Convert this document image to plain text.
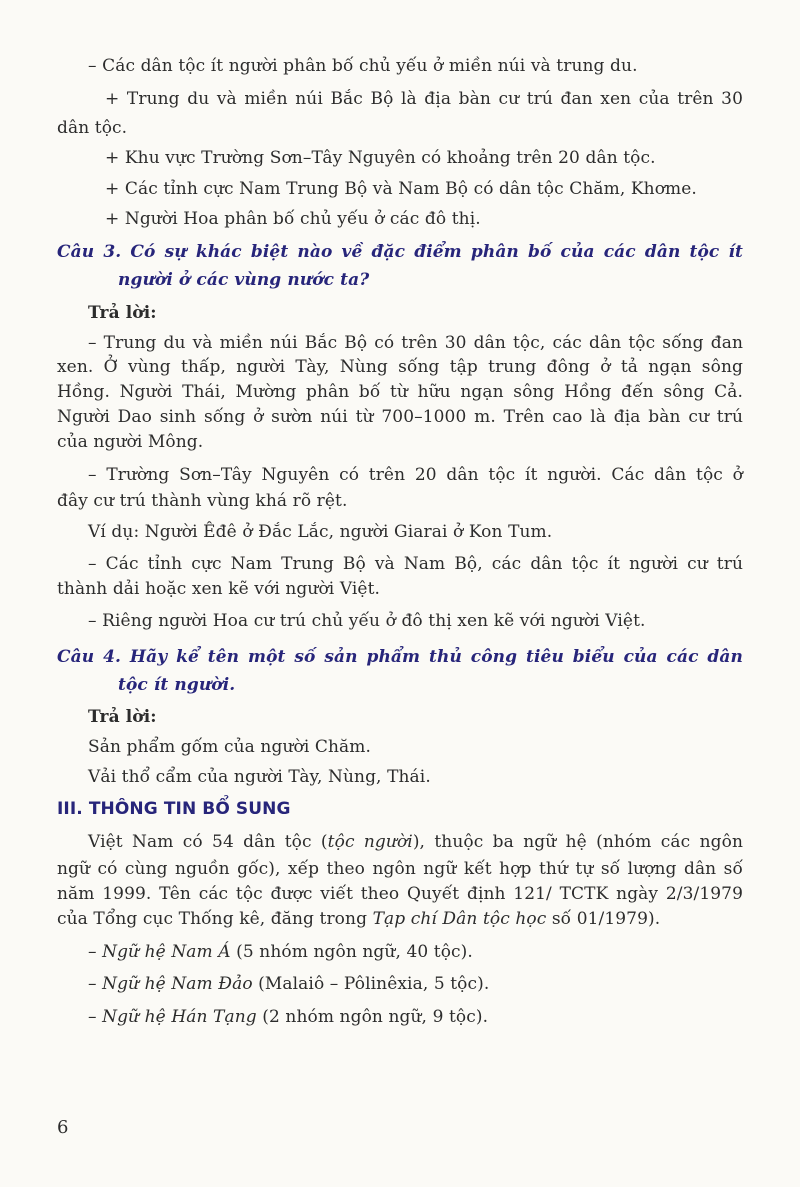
– Các dân tộc ít người phân bố chủ yếu ở miền núi và trung du.
+ Trung du và miền núi Bắc Bộ là địa bàn cư trú đan xen của trên 30
dân tộc.
+ Khu vực Trường Sơn–Tây Nguyên có khoảng trên 20 dân tộc.
+ Các tỉnh cực Nam Trung Bộ và Nam Bộ có dân tộc Chăm, Khơme.
+ Người Hoa phân bố chủ yếu ở các đô thị.
Câu 3. Có sự khác biệt nào về đặc điểm phân bố của các dân tộc ít
người ở các vùng nước ta?
Trả lời:
– Trung du và miền núi Bắc Bộ có trên 30 dân tộc, các dân tộc sống đan
xen. Ở vùng thấp, người Tày, Nùng sống tập trung đông ở tả ngạn sông
Hồng. Người Thái, Mường phân bố từ hữu ngạn sông Hồng đến sông Cả.
Người Dao sinh sống ở sườn núi từ 700–1000 m. Trên cao là địa bàn cư trú
của người Mông.
– Trường Sơn–Tây Nguyên có trên 20 dân tộc ít người. Các dân tộc ở
đây cư trú thành vùng khá rõ rệt.
Ví dụ: Người Êđê ở Đắc Lắc, người Giarai ở Kon Tum.
– Các tỉnh cực Nam Trung Bộ và Nam Bộ, các dân tộc ít người cư trú
thành dải hoặc xen kẽ với người Việt.
– Riêng người Hoa cư trú chủ yếu ở đô thị xen kẽ với người Việt.
Câu 4. Hãy kể tên một số sản phẩm thủ công tiêu biểu của các dân
tộc ít người.
Trả lời:
Sản phẩm gốm của người Chăm.
Vải thổ cẩm của người Tày, Nùng, Thái.
III. THÔNG TIN BỔ SUNG
Việt Nam có 54 dân tộc (tộc người), thuộc ba ngữ hệ (nhóm các ngôn
ngữ có cùng nguồn gốc), xếp theo ngôn ngữ kết hợp thứ tự số lượng dân số
năm 1999. Tên các tộc được viết theo Quyết định 121/ TCTK ngày 2/3/1979
của Tổng cục Thống kê, đăng trong Tạp chí Dân tộc học số 01/1979).
– Ngữ hệ Nam Á (5 nhóm ngôn ngữ, 40 tộc).
– Ngữ hệ Nam Đảo (Malaiô – Pôlinêxia, 5 tộc).
– Ngữ hệ Hán Tạng (2 nhóm ngôn ngữ, 9 tộc).
6
